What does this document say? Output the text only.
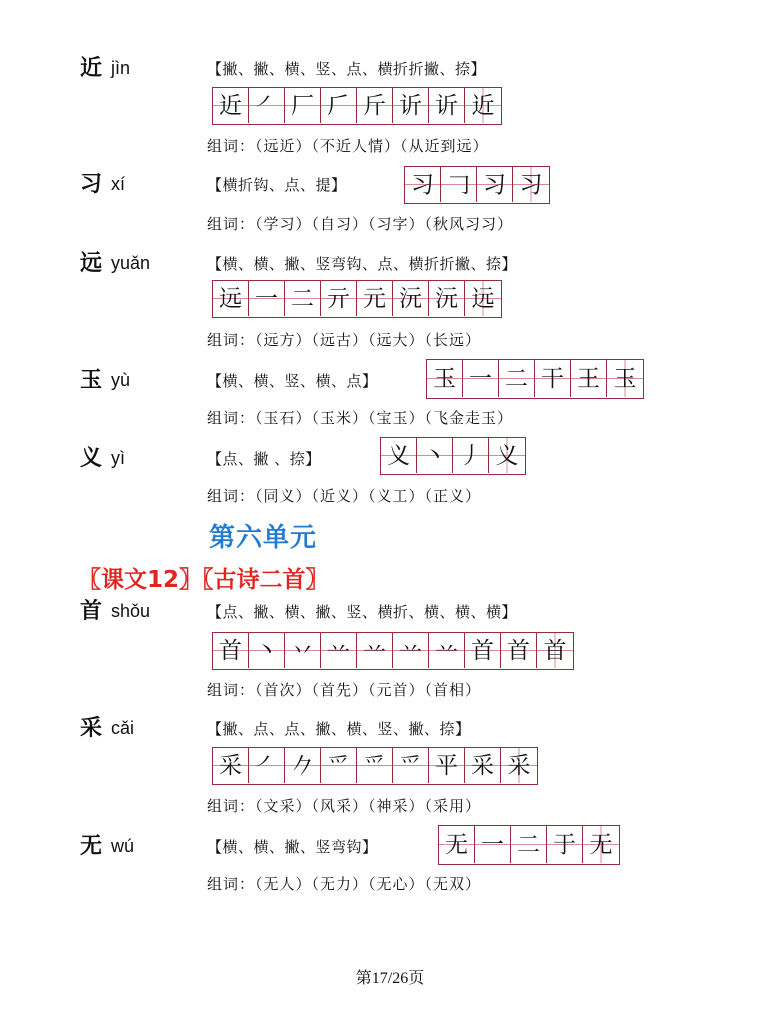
近 jìn	【撇、撇、横、竖、点、横折折撇、捺】
近 ㇒ 厂 𠂆 斤 䜣 䜣 近
组词：（远近）（不近人情）（从近到远）
习 xí	【横折钩、点、提】	习 𠃌 习 习
组词：（学习）（自习）（习字）（秋风习习）
远 yuǎn	【横、横、撇、竖弯钩、点、横折折撇、捺】
远 一 二 亓 元 沅 沅 远
组词：（远方）（远古）（远大）（长远）
玉 yù	【横、横、竖、横、点】 玉 一 二 干 王 玉
组词：（玉石）（玉米）（宝玉）（飞金走玉）
义 yì	【点、撇 、捺】	义 丶 丿 义
组词：（同义）（近义）（义工）（正义）
第六单元
〖课文12〗〖古诗二首〗
首 shǒu	【点、撇、横、撇、竖、横折、横、横、横】
首 丶 丷 䒑 䒑 䒑 䒑 首 首 首
组词：（首次）（首先）（元首）（首相）
采 cǎi	【撇、点、点、撇、横、竖、撇、捺】
采 ㇒ 𠂊 爫 爫 爫 平 采 采
组词：（文采）（风采）（神采）（采用）
无 wú	【横、横、撇、竖弯钩】	无 一 二 于 无
组词：（无人）（无力）（无心）（无双）
第17/26页
